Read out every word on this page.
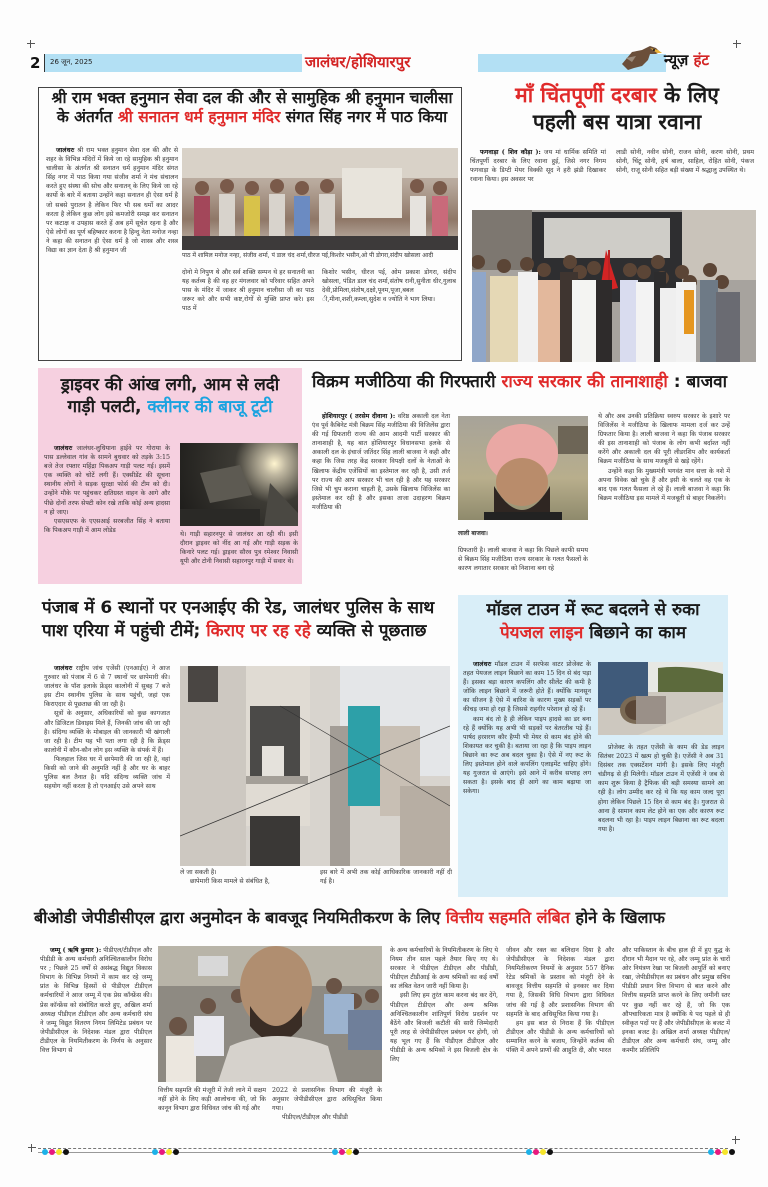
2 26 जून, 2025	जालंधर/होशियारपुर	न्यूज़ हंट
श्री राम भक्त हनुमान सेवा दल की और से सामुहिक श्री हनुमान चालीसा
के अंतर्गत श्री सनातन धर्म हनुमान मंदिर संगत सिंह नगर में पाठ किया
जालंधरः श्री राम भक्त हनुमान सेवा दल की और से शहर के विभिन्न मंदिरों में किये जा रहे सामुहिक श्री हनुमान चालीसा के अंतर्गत श्री सनातन धर्म हनुमान मंदिर संगत सिंह नगर में पाठ किया गया संजीव शर्मा ने मंच संचालन करते हुए संस्था की सोच और सनातन् के लिए किये जा रहे कार्यो के बारे में बताया उन्होंने कहा सनातन ही ऐसा धर्म है जो सबसे पुरातन है लेकिन फिर भी सब धर्मो का आदर करता है लेकिन कुछ लोग इसे कमजोरी समझ कर सनातन पर कटाक्ष व उपहास करते हें अब हमें सूचेत रहना है और ऐसे लोगों का पूर्ण बहिष्कार करना है हिन्दु नेता मनोज नन्हा ने कहा की सनातन ही ऐसा धर्म है जो शास्त्र और शस्त्र विद्या का ज्ञान देता है श्री हनुमान जी
पाठ में शामिल मनोज नन्हा, संजीव शर्मा, पं डाल चंद शर्मा,धीरज पई,किशोर भसीन,ओ पी डोगरा,संदीप खोसला आदी
दोनो मे निपुण थे और सर्व शक्ति सम्पन थे हर सनातनी का यह कर्तव्य है की वह हर मंगलवार को परिवार सहित अपने पास के मंदिर में जाकर श्री हनुमान चालीसा जी का पाठ जरूर करे और सभी कष्ट,रोगों से मुक्ति प्राप्त करे। इस पाठ में
किशोर भसीन, धीरज पई, ओम प्रकाश डोगरा, संदीप खोसला, पंडित डाल चंद शर्मा,संतोष रानी,सुनीता धीर,गुलाब देवी,प्रोमिला,संतोष,दक्षो,पूनम,पूजा,बबल ी,मीना,शशी,कम्ला,सुदेश व ज्योति ने भाग लिया।
माँ चिंतपूर्णी दरबार के लिए
पहली बस यात्रा रवाना
फगवाड़ा ( शिव कौड़ा ): जय मां धार्मिक समिति मां चिंतपूर्णी दरबार के लिए रवाना हुई, जिसे नगर निगम फगवाड़ा के डिप्टी मेयर विक्की सूद ने हरी झंडी दिखाकर रवाना किया। इस अवसर पर
लाडी सोनी, नवीन सोनी, राजन सोनी, करण सोनी, प्रथम सोनी, चिंटू सोनी, हर्ष बाला, साहिल, रोहित सोनी, पंकज सोनी, राजू सोनी सहित बड़ी संख्या में श्रद्धालु उपस्थित थे।
ड्राइवर की आंख लगी, आम से लदी
गाड़ी पलटी, क्लीनर की बाजू टूटी
जालंधरः जालंधर-लुधियाना हाईवे पर गोराया के पास डल्लेवाल गांव के सामने बुधवार को तड़के 3:15 बजे तेज रफ्तार महिंद्रा पिकअप गाड़ी पलट गई। इसमें एक व्यक्ति को चोटें लगी हैं। एक्सीडेंट की सूचना स्थानीय लोगों ने सड़क सुरक्षा फोर्स की टीम को दी। उन्होंने मौके पर पहुंचकर क्षतिग्रस्त वाहन के आगे और पीछे दोनों तरफ सेफ्टी कोन रखे ताकि कोई अन्य हादसा न हो जाए।
एसएसएफ के एएसआई सरबजीत सिंह ने बताया कि पिकअप गाड़ी में आम लोडेड
थे। गाड़ी सहारनपुर से जालंधर आ रही थी। इसी दौरान ड्राइवर को नींद आ गई और गाड़ी सड़क के किनारे पलट गई। ड्राइवर सौरव पुत्र रमेश्वर निवासी यूपी और टोनी निवासी सहारनपुर गाड़ी में सवार थे।
विक्रम मजीठिया की गिरफ्तारी राज्य सरकार की तानाशाही : बाजवा
होशियारपुर ( तरसेम दीवाना ): वरिष्ठ अकाली दल नेता एंव पूर्व कैबिनेट मंत्री बिक्रम सिंह मजीठिया की विजिलेंस द्वारा की गई ग्रिफतारी राज्य की आम आदमी पार्टी सरकार की तानाशाही है, यह बात होशियारपुर विधानसभा हलके से अकाली दल के इंचार्ज जतिंदर सिंह लाली बाजवा ने कही और कहा कि जिस तरह केंद्र सरकार विपक्षी दलों के नेताओं के खिलाफ केंद्रीय एजेंसियों का इस्तेमाल कर रही है, उसी तर्ज पर राज्य की आप सरकार भी चल रही है और यह सरकार जिसे भी चुप कराना चाहती है, उसके खिलाफ विजिलेंस का इस्तेमाल कर रही है और इसका ताजा उदाहरण बिक्रम मजीठिया की
लाली बाजवा।
ग्रिफतारी है। लाली बाजवा ने कहा कि पिछले काफी समय से बिक्रम सिंह मजीठिया राज्य सरकार के गलत फैसलों के कारण लगातार सरकार को निशाना बना रहे
थे और अब उनकी प्रतिक्रिया स्वरुप सरकार के इशारे पर विजिलेंस ने मजीठिया के खिलाफ मामला दर्ज कर उन्हें ग्रिफतार किया है। लाली बाजवा ने कहा कि पंजाब सरकार की इस तानाशाही को पंजाब के लोग कभी बर्दाश्त नहीं करेंगे और अकाली दल की पूरी लीडरशिप और कार्यकर्ता बिक्रम मजीठिया के साथ मजबूती से खड़े रहेंगे।
उन्होंने कहा कि मुख्यमंत्री भगवंत मान सत्ता के नशे में अपना विवेक खो चुके हैं और इसी के चलते वह एक के बाद एक गलत फैसला ले रहे हैं। लाली बाजवा ने कहा कि बिक्रम मजीठिया इस मामले में मजबूती से बाहर निकलेंगे।
पंजाब में 6 स्थानों पर एनआईए की रेड, जालंधर पुलिस के साथ
पाश एरिया में पहुंची टीमें; किराए पर रह रहे व्यक्ति से पूछताछ
जालंधरः राष्ट्रीय जांच एजेंसी (एनआईए) ने आज गुरुवार को पंजाब में 6 से 7 स्थानों पर छापेमारी की। जालंधर के पॉश इलाके फ्रेंड्स कालोनी में सुबह 7 बजे इस टीम स्थानीय पुलिस के साथ पहुंची, जहां एक किराएदार से पूछताछ की जा रही है।
सूत्रों के अनुसार, अधिकारियों को कुछ कागजात और डिजिटल डिवाइस मिले हैं, जिनकी जांच की जा रही है। संदिग्ध व्यक्ति के मोबाइल की जानकारी भी खंगाली जा रही है। टीम यह भी पता लगा रही है कि फ्रेंड्स कालोनी में कौन-कौन लोग इस व्यक्ति के संपर्क में हैं।
फिलहाल जिस घर में छापेमारी की जा रही है, वहां किसी को जाने की अनुमति नहीं है और घर के बाहर पुलिस बल तैनात है। यदि संदिग्ध व्यक्ति जांच में सहयोग नहीं करता है तो एनआईए उसे अपने साथ
ले जा सकती है।
छापेमारी किस मामले से संबंधित है,
इस बारे में अभी तक कोई आधिकारिक जानकारी नहीं दी गई है।
मॉडल टाउन में रूट बदलने से रुका
पेयजल लाइन बिछाने का काम
जालंधरः मॉडल टाउन में सरफेस वाटर प्रोजेक्ट के तहत पेयजल लाइन बिछाने का काम 15 दिन से बंद पड़ा हैं। इसका बड़ा कारण कपलिंग और सीलेंट की कमी है जोकि लाइन बिछाने में जरूरी होते हैं। क्योंकि मानसून का सीजन है ऐसे में बारिश के कारण मुख्य सड़कों पर कीचड़ जमा हो रहा है जिससे राहगीर परेशान हो रहे हैं।
काम बंद तो है ही लेकिन पाइप हादसे का डर बना रहे हैं क्योंकि यह अभी भी सड़कों पर बेतरतीब पड़े हैं। पार्षद हरशरण कौर हैप्पी भी मेयर से काम बंद होने की शिकायत कर चुकी है। बताया जा रहा है कि पाइप लाइन बिछाने का रूट अब बदल चुका है। ऐसे में नए रूट के लिए इस्तेमाल होने वाले कपलिंग एलाइमेंट चाहिए होंगे। यह गुजरात से आएंगे। इसे आने में करीब सप्ताह लग सकता है। इसके बाद ही आगे का काम बढ़ाया जा सकेगा।
प्रोजेक्ट के तहत एजेंसी के काम की डेड लाइन सितंबर 2023 में खत्म हो चुकी है। एजेंसी ने अब 31 दिसंबर तक एक्सटेंशन मांगी है। इसके लिए मंजूरी चंडीगढ़ से ही मिलेगी। मॉडल टाउन में एजेंसी ने जब से काम शुरू किया है ट्रैफिक की बड़ी समस्या सामने आ रही है। लोग उम्मीद कर रहे थे कि यह काम जल्द पूरा होगा लेकिन पिछले 15 दिन से काम बंद है। गुजरात से आना है सामान काम लेट होने का एक और कारण रूट बदलना भी रहा है। पाइप लाइन बिछाना का रूट बदला गया है।
बीओडी जेपीडीसीएल द्वारा अनुमोदन के बावजूद नियमितीकरण के लिए वित्तीय सहमति लंबित होने के खिलाफ
जम्मू ( ऋषि कुमार ): पीडीएल/टीडीएल और पीडीडी के अन्य कर्मचारी अनिश्चितकालीन विरोध पर ; पिछले 25 वर्षों से असंबद्ध विद्युत विकास विभाग के विभिन्न निगमों में काम कर रहे जम्मू प्रांत के विभिन्न हिस्सों से पीडीएल टीडीएल कर्मचारियों ने आज जम्मू में एक प्रेस कॉन्फ्रेंस की। प्रेस कॉन्फ्रेंस को संबोधित करते हुए, अखिल शर्मा अध्यक्ष पीडीएल टीडीएल और अन्य कर्मचारी संघ ने जम्मू विद्युत वितरण निगम लिमिटेड प्रबंधन पर जेपीडीसीएल के निदेशक मंडल द्वारा पीडीएल टीडीएल के नियमितीकरण के निर्णय के अनुसार वित्त विभाग से
वित्तीय सहमति की मंजूरी में तेजी लाने में सक्षम नहीं होने के लिए कड़ी आलोचना की, जो कि कानून विभाग द्वारा विधिवत जांच की गई और
2022 से प्रशासनिक विभाग की मंजूरी के अनुसार जेपीडीसीएल द्वारा अधिसूचित किया गया।
पीडीएल/टीडीएल और पीडीडी
के अन्य कर्मचारियों के नियमितीकरण के लिए ये नियम तीन साल पहले तैयार किए गए थे। सरकार ने पीडीएल टीडीएल और पीडीडी, पीडीएल टीडीआई के अन्य श्रमिकों का कई वर्षों का लंबित वेतन जारी नहीं किया है।
इसी लिए हम तुरंत काम करना बंद कर देंगे, पीडीएल टीडीएल और अन्य श्रमिक अनिश्चितकालीन शांतिपूर्ण विरोध प्रदर्शन पर बैठेंगे और बिजली कटौती की सारी जिम्मेदारी पूरी तरह से जेपीडीसीएल प्रबंधन पर होगी, जो यह भूल गए हैं कि पीडीएल टीडीएल और पीडीडी के अन्य श्रमिकों ने इस बिजली क्षेत्र के लिए
जीवन और रक्त का बलिदान दिया है और जेपीडीसीएल के निदेशक मंडल द्वारा नियमितीकरण नियमों के अनुसार 557 दैनिक रेटेड श्रमिकों के प्रस्ताव को मंजूरी देने के बावजूद वित्तीय सहमति से इनकार कर दिया गया है, जिसकी विधि विभाग द्वारा विधिवत जांच की गई है और प्रशासनिक विभाग की सहमति के बाद अधिसूचित किया गया है।
हम इस बात से निराश हैं कि पीडीएल टीडीएल और पीडीडी के अन्य कर्मचारियों को सम्मानित करने के बजाय, जिन्होंने कर्तव्य की पंक्ति में अपने प्राणों की आहुति दी, और भारत
और पाकिस्तान के बीच हाल ही में हुए युद्ध के दौरान भी मैदान पर रहे, और जम्मू प्रांत के चारों ओर नियंत्रण रेखा पर बिजली आपूर्ति को बनाए रखा, जेपीडीसीएल का प्रबंधन और प्रमुख सचिव पीडीडी प्रधान वित्त विभाग से बात करने और वित्तीय सहमति प्राप्त करने के लिए जमीनी स्तर पर कुछ नहीं कर रहे हैं, जो कि एक औपचारिकता मात्र है क्योंकि ये पद पहले से ही स्वीकृत पदों पर हैं और जेपीडीसीएल के बजट में इनका बजट है। अखिल शर्मा अध्यक्ष पीडीएल/टीडीएल और अन्य कर्मचारी संघ, जम्मू और कश्मीर प्रतिलिपि
